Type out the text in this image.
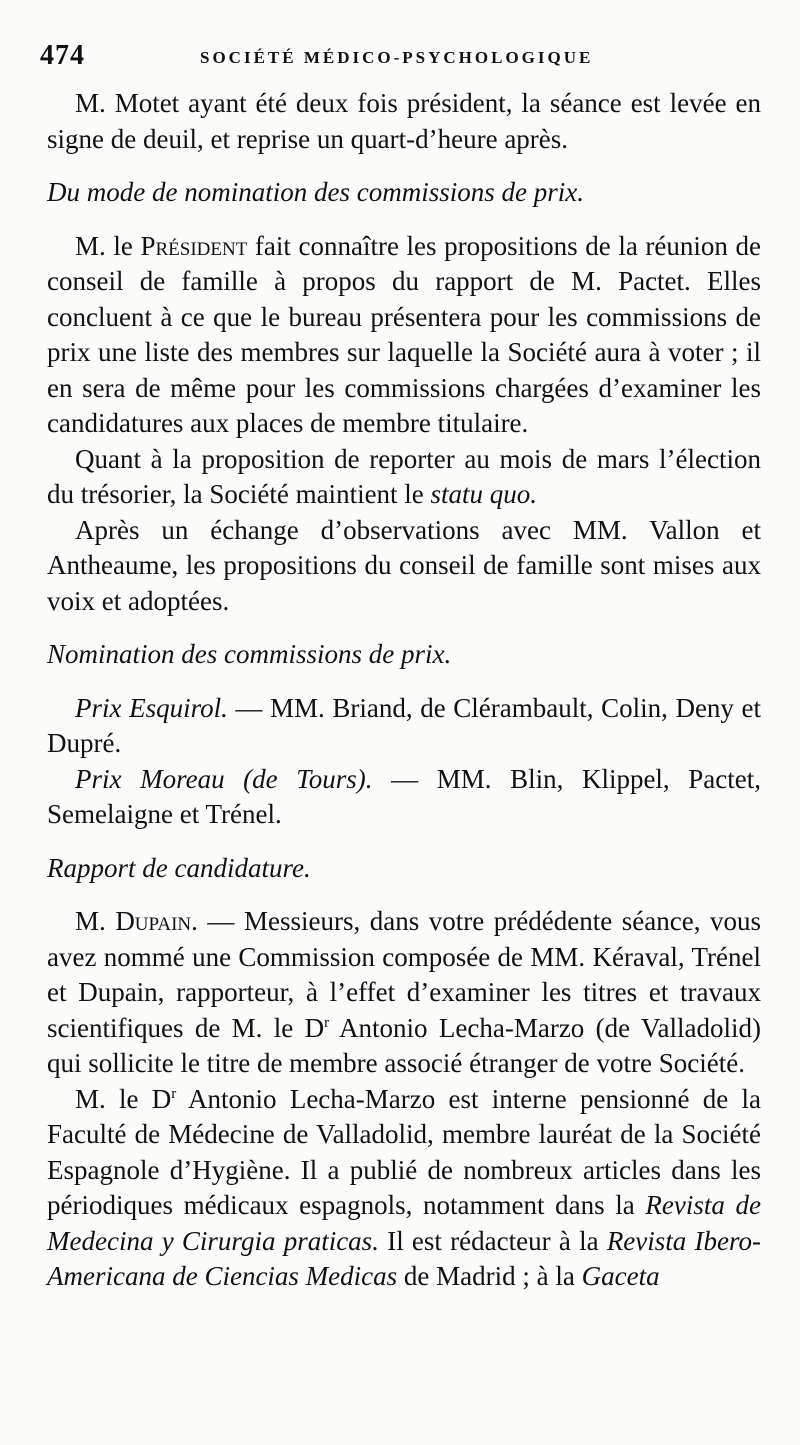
474	SOCIÉTÉ MÉDICO-PSYCHOLOGIQUE

M. Motet ayant été deux fois président, la séance est levée en signe de deuil, et reprise un quart-d’heure après.

Du mode de nomination des commissions de prix.

M. le Président fait connaître les propositions de la réunion de conseil de famille à propos du rapport de M. Pactet. Elles concluent à ce que le bureau présentera pour les commissions de prix une liste des membres sur laquelle la Société aura à voter ; il en sera de même pour les commissions chargées d’examiner les candidatures aux places de membre titulaire.

Quant à la proposition de reporter au mois de mars l’élection du trésorier, la Société maintient le statu quo.

Après un échange d’observations avec MM. Vallon et Antheaume, les propositions du conseil de famille sont mises aux voix et adoptées.

Nomination des commissions de prix.

Prix Esquirol. — MM. Briand, de Clérambault, Colin, Deny et Dupré.

Prix Moreau (de Tours). — MM. Blin, Klippel, Pactet, Semelaigne et Trénel.

Rapport de candidature.

M. Dupain. — Messieurs, dans votre prédédente séance, vous avez nommé une Commission composée de MM. Kéraval, Trénel et Dupain, rapporteur, à l’effet d’examiner les titres et travaux scientifiques de M. le $D^r$ Antonio Lecha-Marzo (de Valladolid) qui sollicite le titre de membre associé étranger de votre Société.

M. le $D^r$ Antonio Lecha-Marzo est interne pensionné de la Faculté de Médecine de Valladolid, membre lauréat de la Société Espagnole d’Hygiène. Il a publié de nombreux articles dans les périodiques médicaux espagnols, notamment dans la Revista de Medecina y Cirurgia praticas. Il est rédacteur à la Revista Ibero-Americana de Ciencias Medicas de Madrid ; à la Gaceta
